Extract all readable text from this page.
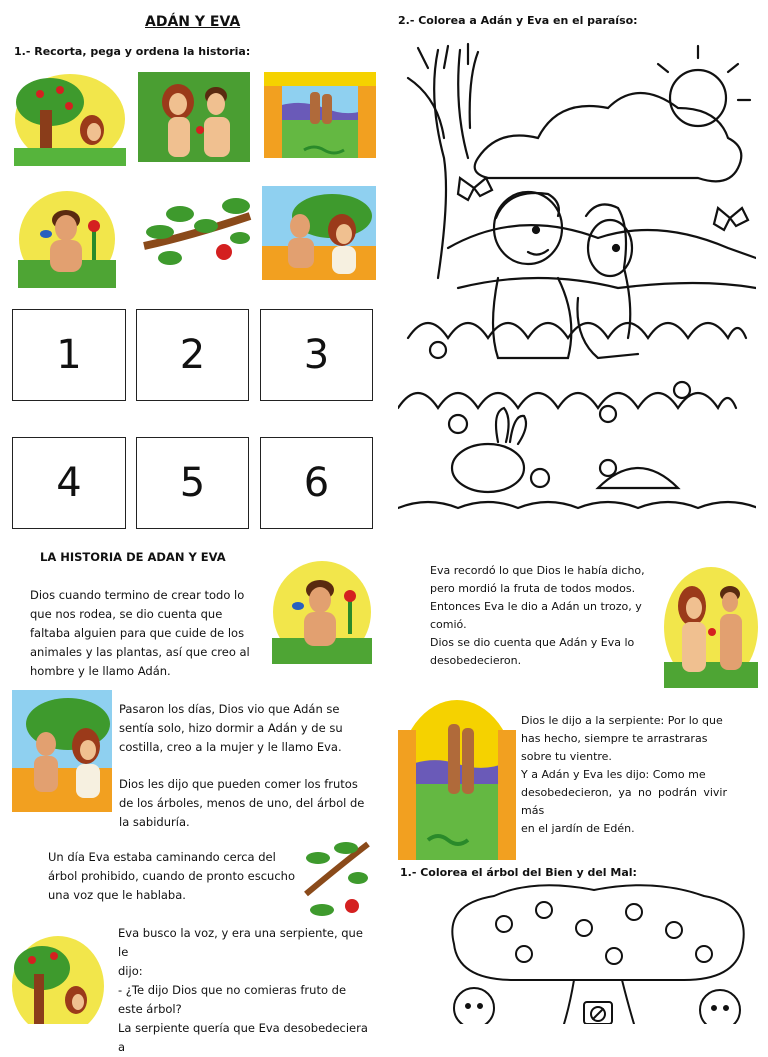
ADÁN Y EVA
1.- Recorta, pega y ordena la historia:
2.- Colorea a Adán y Eva en el paraíso:
1 2 3
4 5 6
LA HISTORIA DE ADAN Y EVA
Dios cuando termino de crear todo lo
que nos rodea, se dio cuenta que
faltaba alguien para que cuide de los
animales y las plantas, así que creo al
hombre y le llamo Adán.
Pasaron los días, Dios vio que Adán se
sentía solo, hizo dormir a Adán y de su
costilla, creo a la mujer y le llamo Eva.
Dios les dijo que pueden comer los frutos
de los árboles, menos de uno, del árbol de
la sabiduría.
Un día Eva estaba caminando cerca del
árbol prohibido, cuando de pronto escucho
una voz que le hablaba.
Eva busco la voz, y era una serpiente, que le
dijo:
- ¿Te dijo Dios que no comieras fruto de
este árbol?
La serpiente quería que Eva desobedeciera a
Eva recordó lo que Dios le había dicho,
pero mordió la fruta de todos modos.
Entonces Eva le dio a Adán un trozo, y
comió.
Dios se dio cuenta que Adán y Eva lo
desobedecieron.
Dios le dijo a la serpiente: Por lo que
has hecho, siempre te arrastraras
sobre tu vientre.
Y a Adán y Eva les dijo: Como me
desobedecieron, ya no podrán vivir más
en el jardín de Edén.
1.- Colorea el árbol del Bien y del Mal:
